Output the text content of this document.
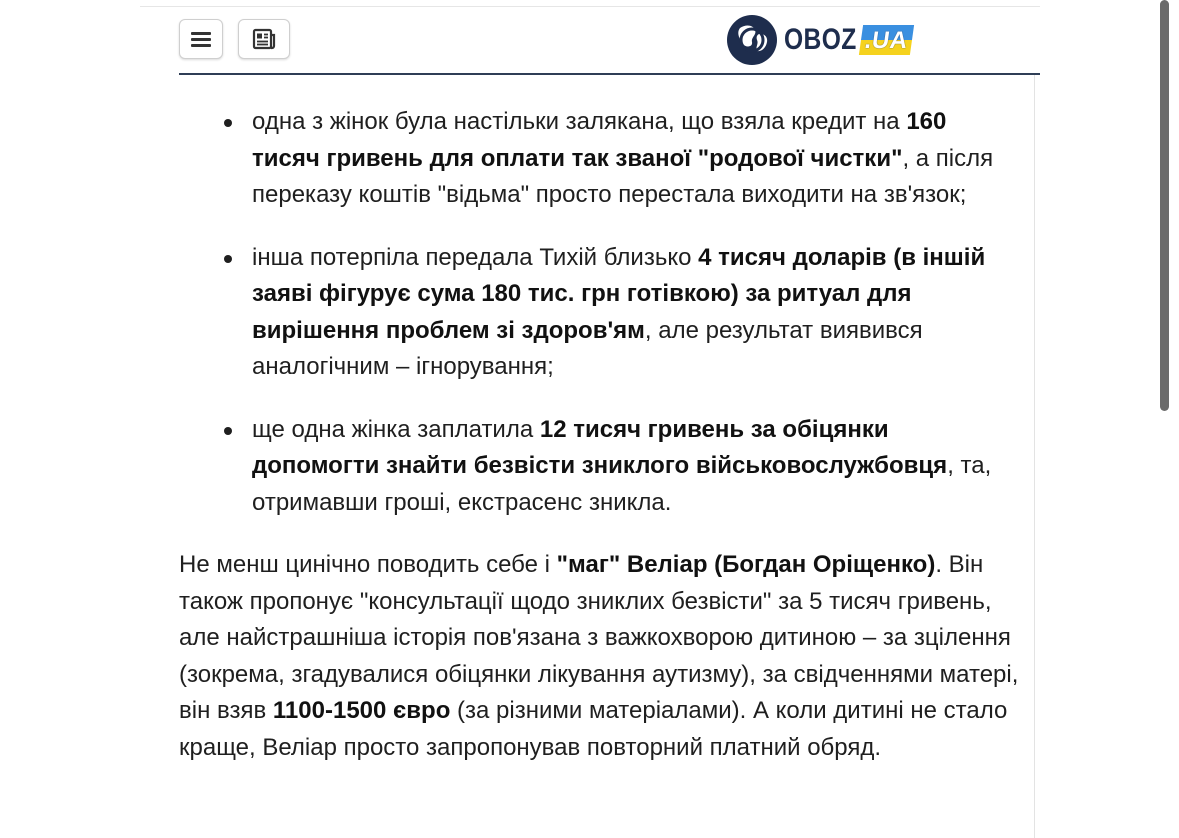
OBOZ .UA
одна з жінок була настільки залякана, що взяла кредит на 160 тисяч гривень для оплати так званої "родової чистки", а після переказу коштів "відьма" просто перестала виходити на зв'язок;
інша потерпіла передала Тихій близько 4 тисяч доларів (в іншій заяві фігурує сума 180 тис. грн готівкою) за ритуал для вирішення проблем зі здоров'ям, але результат виявився аналогічним – ігнорування;
ще одна жінка заплатила 12 тисяч гривень за обіцянки допомогти знайти безвісти зниклого військовослужбовця, та, отримавши гроші, екстрасенс зникла.

Не менш цинічно поводить себе і "маг" Веліар (Богдан Оріщенко). Він також пропонує "консультації щодо зниклих безвісти" за 5 тисяч гривень, але найстрашніша історія пов'язана з важкохворою дитиною – за зцілення (зокрема, згадувалися обіцянки лікування аутизму), за свідченнями матері, він взяв 1100-1500 євро (за різними матеріалами). А коли дитині не стало краще, Веліар просто запропонував повторний платний обряд.
